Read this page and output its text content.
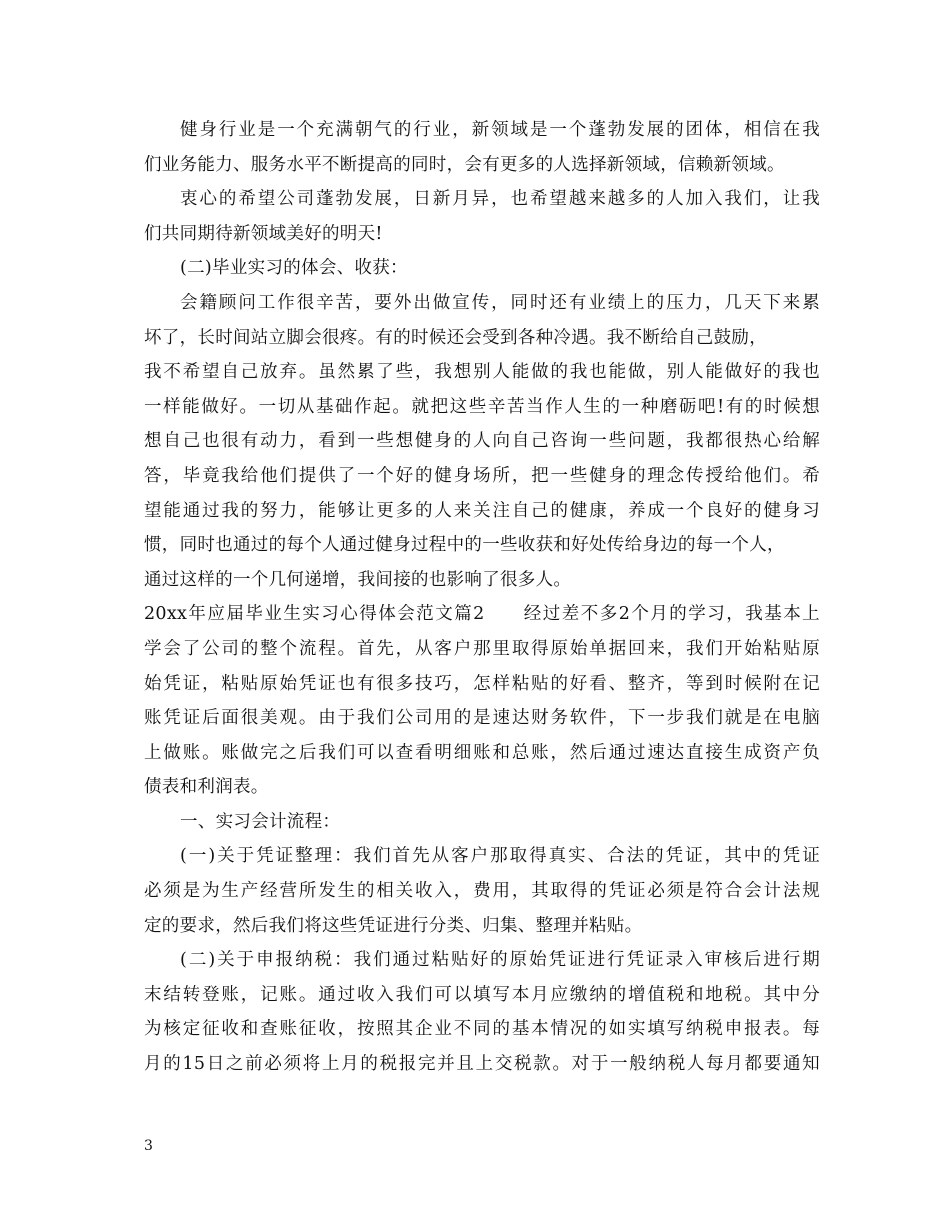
健身行业是一个充满朝气的行业，新领域是一个蓬勃发展的团体，相信在我
们业务能力、服务水平不断提高的同时，会有更多的人选择新领域，信赖新领域。
衷心的希望公司蓬勃发展，日新月异，也希望越来越多的人加入我们，让我
们共同期待新领域美好的明天!
(二)毕业实习的体会、收获：
会籍顾问工作很辛苦，要外出做宣传，同时还有业绩上的压力，几天下来累
坏了，长时间站立脚会很疼。有的时候还会受到各种冷遇。我不断给自己鼓励，
我不希望自己放弃。虽然累了些，我想别人能做的我也能做，别人能做好的我也
一样能做好。一切从基础作起。就把这些辛苦当作人生的一种磨砺吧!有的时候想
想自己也很有动力，看到一些想健身的人向自己咨询一些问题，我都很热心给解
答，毕竟我给他们提供了一个好的健身场所，把一些健身的理念传授给他们。希
望能通过我的努力，能够让更多的人来关注自己的健康，养成一个良好的健身习
惯，同时也通过的每个人通过健身过程中的一些收获和好处传给身边的每一个人，
通过这样的一个几何递增，我间接的也影响了很多人。
20xx年应届毕业生实习心得体会范文篇2　　经过差不多2个月的学习，我基本上
学会了公司的整个流程。首先，从客户那里取得原始单据回来，我们开始粘贴原
始凭证，粘贴原始凭证也有很多技巧，怎样粘贴的好看、整齐，等到时候附在记
账凭证后面很美观。由于我们公司用的是速达财务软件，下一步我们就是在电脑
上做账。账做完之后我们可以查看明细账和总账，然后通过速达直接生成资产负
债表和利润表。
一、实习会计流程：
(一)关于凭证整理：我们首先从客户那取得真实、合法的凭证，其中的凭证
必须是为生产经营所发生的相关收入，费用，其取得的凭证必须是符合会计法规
定的要求，然后我们将这些凭证进行分类、归集、整理并粘贴。
(二)关于申报纳税：我们通过粘贴好的原始凭证进行凭证录入审核后进行期
末结转登账，记账。通过收入我们可以填写本月应缴纳的增值税和地税。其中分
为核定征收和查账征收，按照其企业不同的基本情况的如实填写纳税申报表。每
月的15日之前必须将上月的税报完并且上交税款。对于一般纳税人每月都要通知
3
